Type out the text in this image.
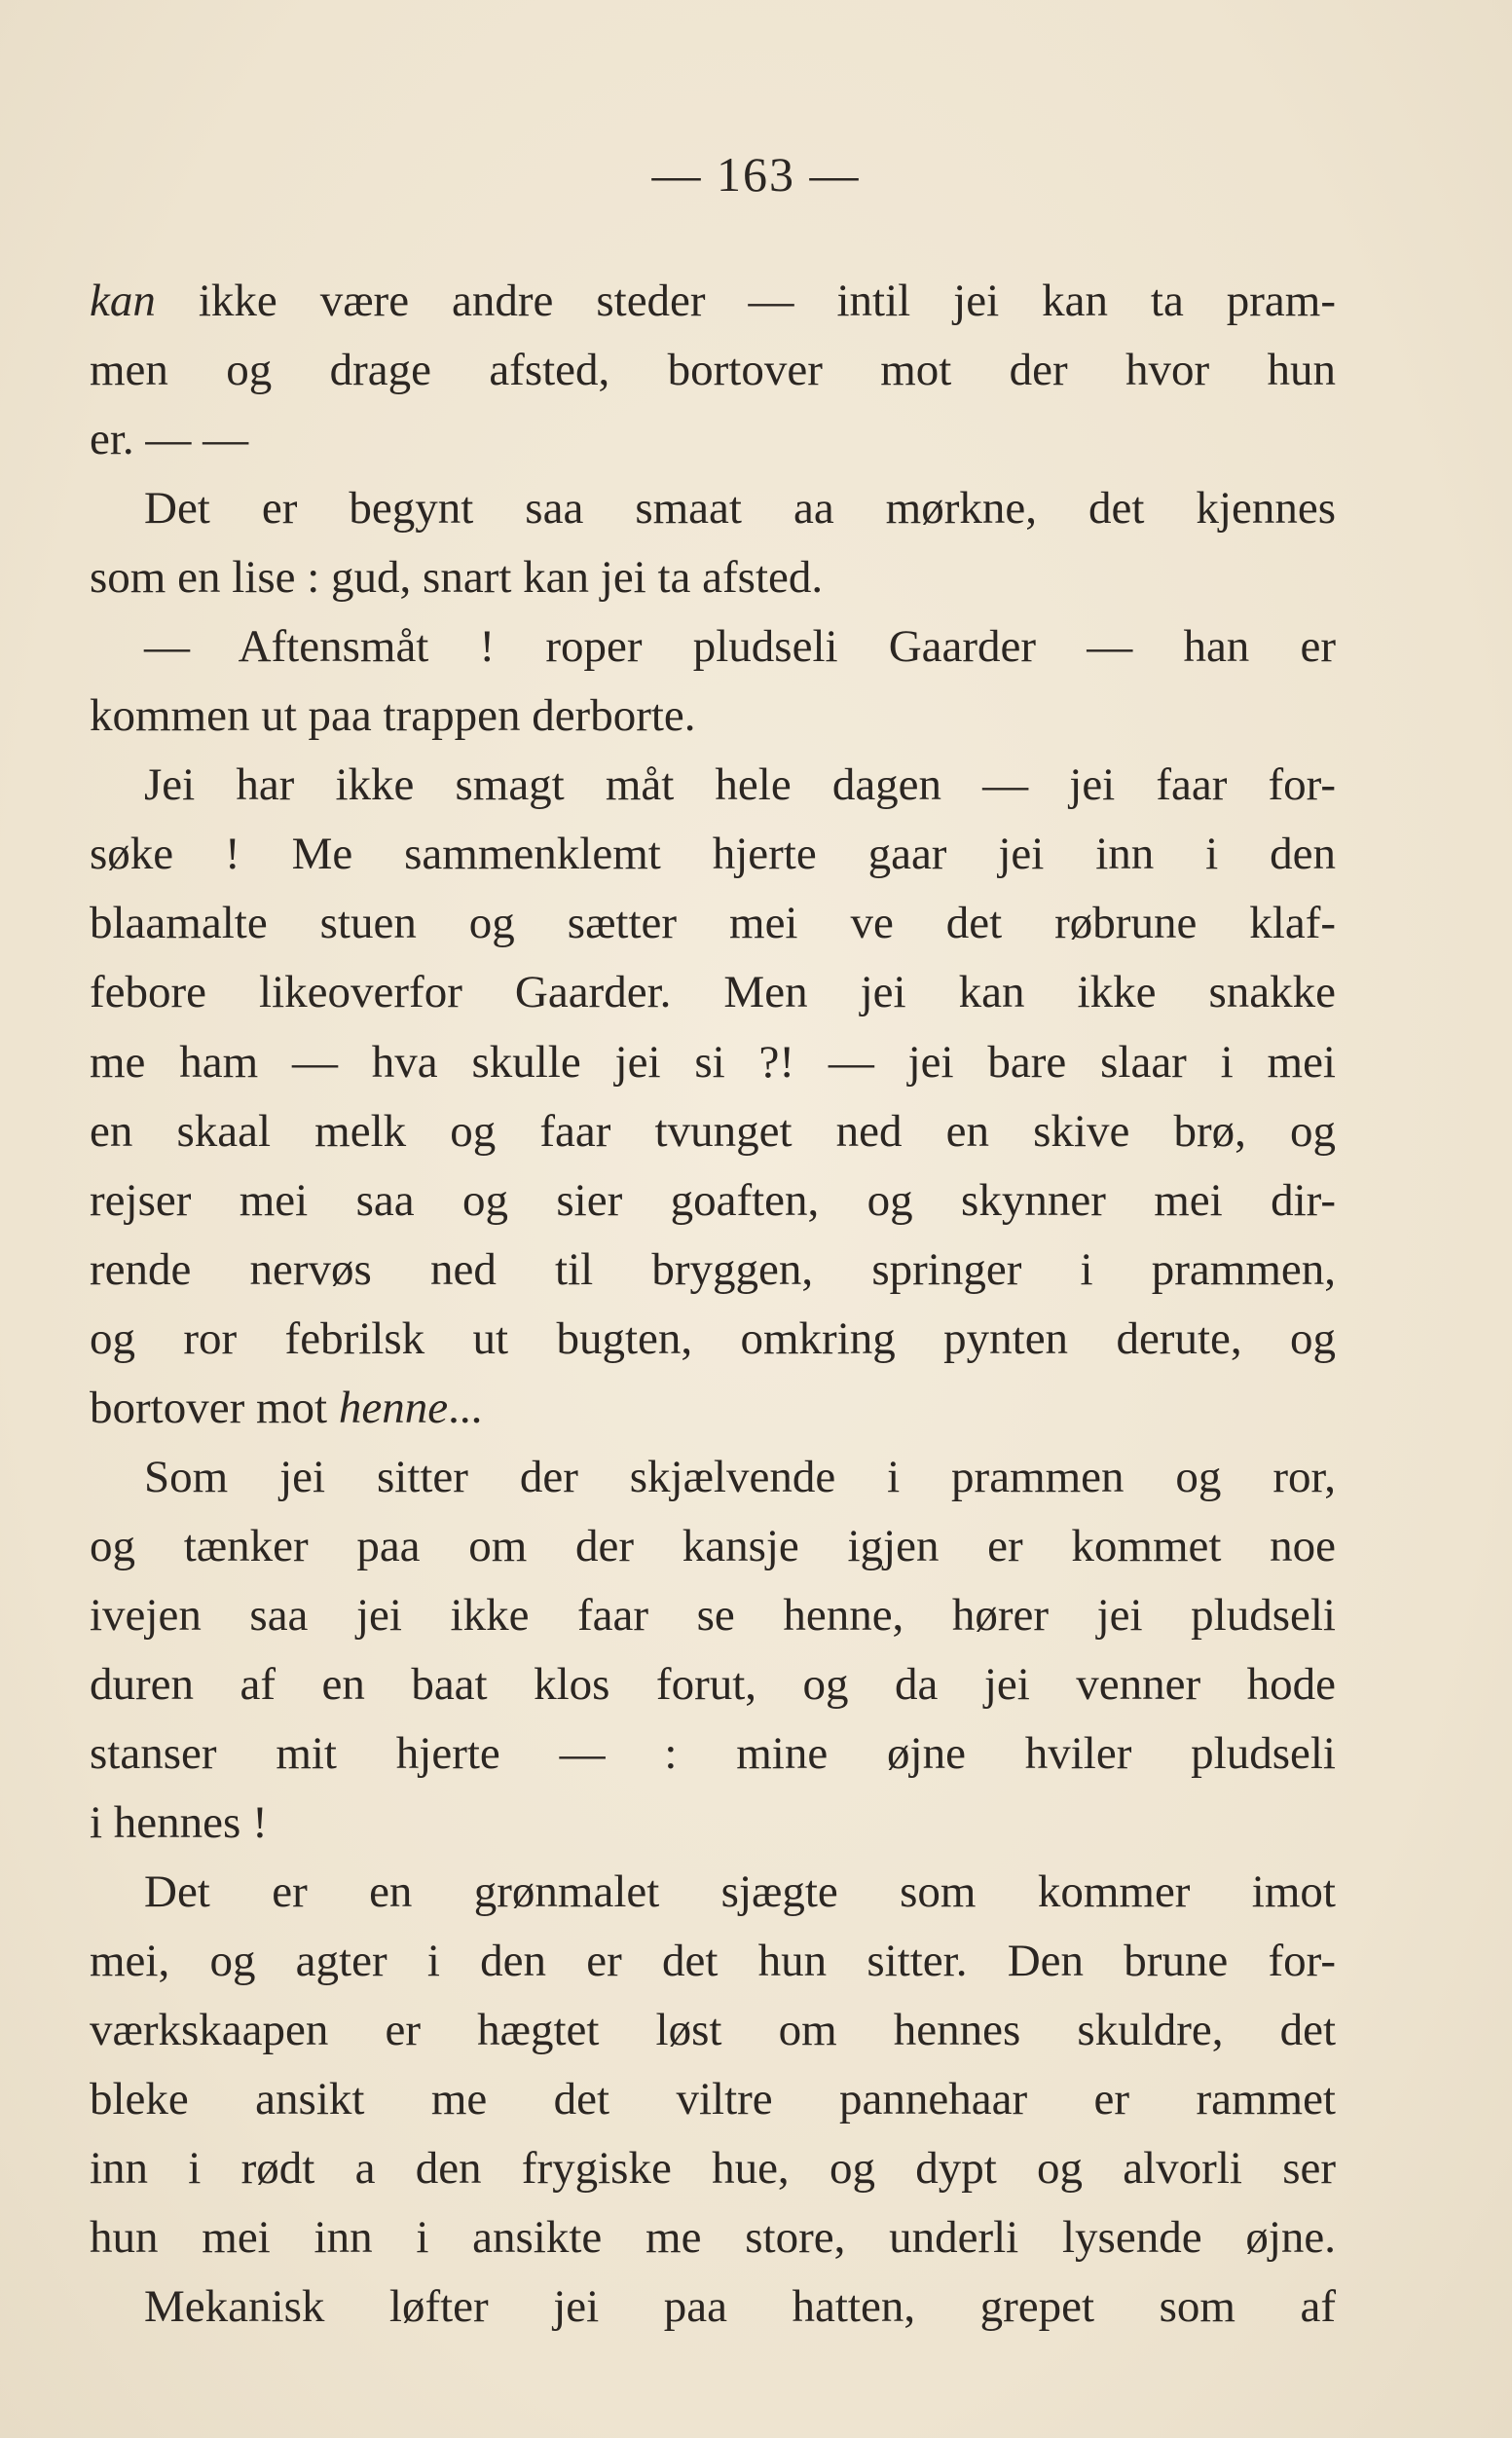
— 163 —
kan ikke være andre steder — intil jei kan ta pram-
men og drage afsted, bortover mot der hvor hun
er. — —
Det er begynt saa smaat aa mørkne, det kjennes
som en lise : gud, snart kan jei ta afsted.
— Aftensmåt ! roper pludseli Gaarder — han er
kommen ut paa trappen derborte.
Jei har ikke smagt måt hele dagen — jei faar for-
søke ! Me sammenklemt hjerte gaar jei inn i den
blaamalte stuen og sætter mei ve det røbrune klaf-
febore likeoverfor Gaarder. Men jei kan ikke snakke
me ham — hva skulle jei si ?! — jei bare slaar i mei
en skaal melk og faar tvunget ned en skive brø, og
rejser mei saa og sier goaften, og skynner mei dir-
rende nervøs ned til bryggen, springer i prammen,
og ror febrilsk ut bugten, omkring pynten derute, og
bortover mot henne...
Som jei sitter der skjælvende i prammen og ror,
og tænker paa om der kansje igjen er kommet noe
ivejen saa jei ikke faar se henne, hører jei pludseli
duren af en baat klos forut, og da jei venner hode
stanser mit hjerte — : mine øjne hviler pludseli
i hennes !
Det er en grønmalet sjægte som kommer imot
mei, og agter i den er det hun sitter. Den brune for-
værkskaapen er hægtet løst om hennes skuldre, det
bleke ansikt me det viltre pannehaar er rammet
inn i rødt a den frygiske hue, og dypt og alvorli ser
hun mei inn i ansikte me store, underli lysende øjne.
Mekanisk løfter jei paa hatten, grepet som af
